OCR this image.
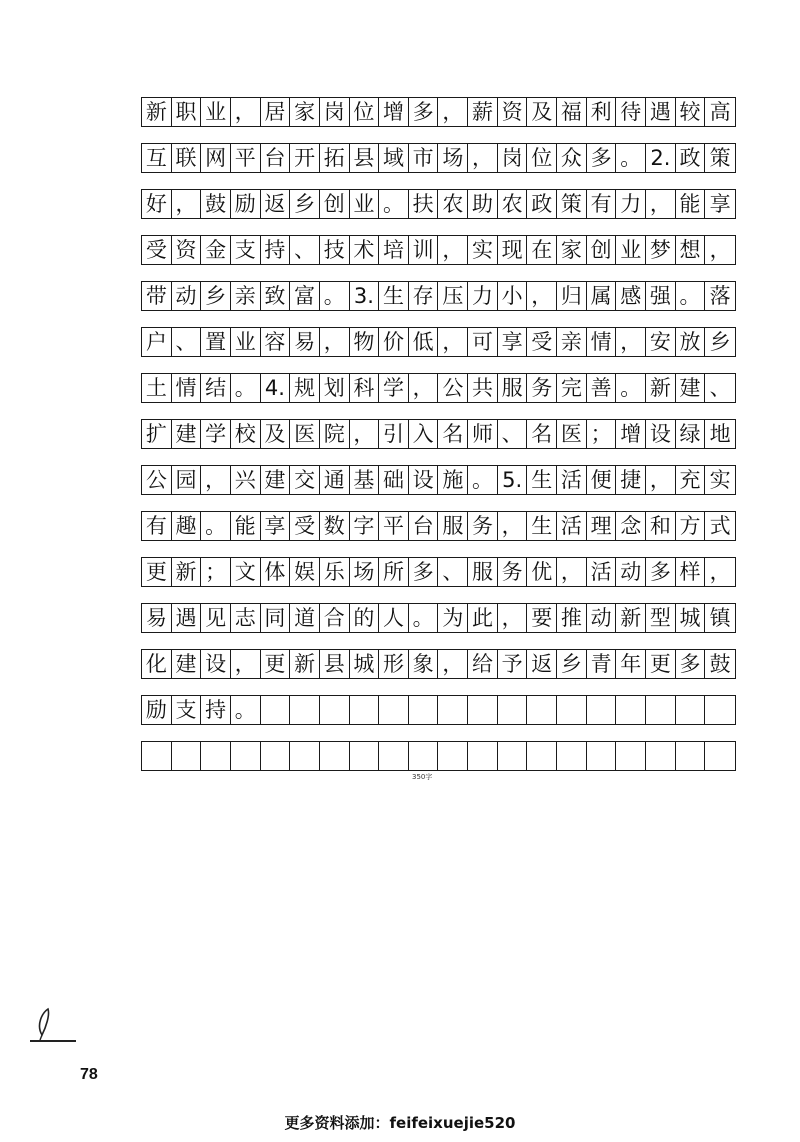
新 职 业 ， 居 家 岗 位 增 多 ， 薪 资 及 福 利 待 遇 较 高
互 联 网 平 台 开 拓 县 域 市 场 ， 岗 位 众 多 。 2. 政 策
好 ， 鼓 励 返 乡 创 业 。 扶 农 助 农 政 策 有 力 ， 能 享
受 资 金 支 持 、 技 术 培 训 ， 实 现 在 家 创 业 梦 想 ，
带 动 乡 亲 致 富 。 3. 生 存 压 力 小 ， 归 属 感 强 。 落
户 、 置 业 容 易 ， 物 价 低 ， 可 享 受 亲 情 ， 安 放 乡
土 情 结 。 4. 规 划 科 学 ， 公 共 服 务 完 善 。 新 建 、
扩 建 学 校 及 医 院 ， 引 入 名 师 、 名 医 ； 增 设 绿 地
公 园 ， 兴 建 交 通 基 础 设 施 。 5. 生 活 便 捷 ， 充 实
有 趣 。 能 享 受 数 字 平 台 服 务 ， 生 活 理 念 和 方 式
更 新 ； 文 体 娱 乐 场 所 多 、 服 务 优 ， 活 动 多 样 ，
易 遇 见 志 同 道 合 的 人 。 为 此 ， 要 推 动 新 型 城 镇
化 建 设 ， 更 新 县 城 形 象 ， 给 予 返 乡 青 年 更 多 鼓
励 支 持 。
350字
78
更多资料添加：feifeixuejie520
